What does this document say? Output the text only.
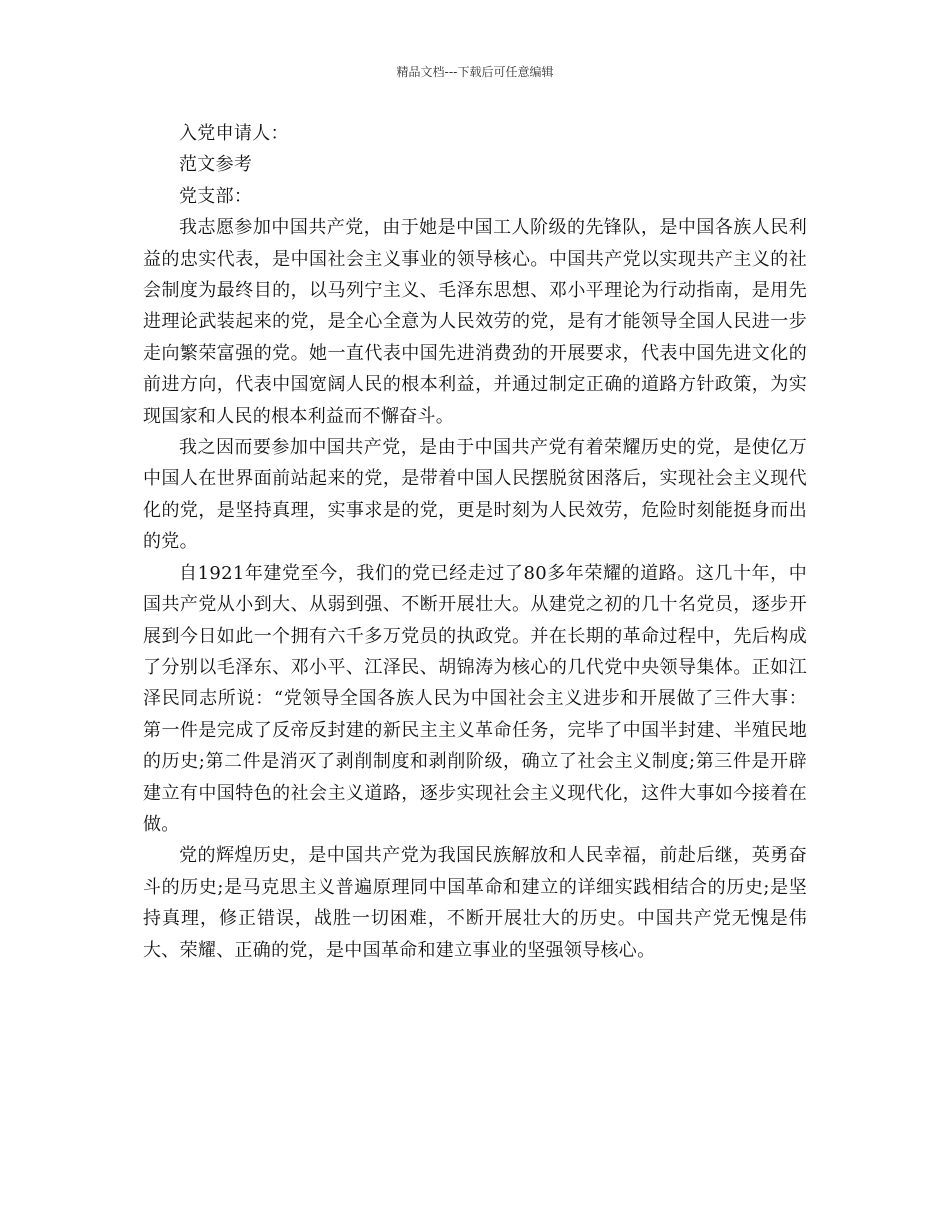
精品文档---下载后可任意编辑

入党申请人：

范文参考

党支部：

我志愿参加中国共产党，由于她是中国工人阶级的先锋队，是中国各族人民利益的忠实代表，是中国社会主义事业的领导核心。中国共产党以实现共产主义的社会制度为最终目的，以马列宁主义、毛泽东思想、邓小平理论为行动指南，是用先进理论武装起来的党，是全心全意为人民效劳的党，是有才能领导全国人民进一步走向繁荣富强的党。她一直代表中国先进消费劲的开展要求，代表中国先进文化的前进方向，代表中国宽阔人民的根本利益，并通过制定正确的道路方针政策，为实现国家和人民的根本利益而不懈奋斗。

我之因而要参加中国共产党，是由于中国共产党有着荣耀历史的党，是使亿万中国人在世界面前站起来的党，是带着中国人民摆脱贫困落后，实现社会主义现代化的党，是坚持真理，实事求是的党，更是时刻为人民效劳，危险时刻能挺身而出的党。

自1921年建党至今，我们的党已经走过了80多年荣耀的道路。这几十年，中国共产党从小到大、从弱到强、不断开展壮大。从建党之初的几十名党员，逐步开展到今日如此一个拥有六千多万党员的执政党。并在长期的革命过程中，先后构成了分别以毛泽东、邓小平、江泽民、胡锦涛为核心的几代党中央领导集体。正如江泽民同志所说：“党领导全国各族人民为中国社会主义进步和开展做了三件大事：第一件是完成了反帝反封建的新民主主义革命任务，完毕了中国半封建、半殖民地的历史;第二件是消灭了剥削制度和剥削阶级，确立了社会主义制度;第三件是开辟建立有中国特色的社会主义道路，逐步实现社会主义现代化，这件大事如今接着在做。

党的辉煌历史，是中国共产党为我国民族解放和人民幸福，前赴后继，英勇奋斗的历史;是马克思主义普遍原理同中国革命和建立的详细实践相结合的历史;是坚持真理，修正错误，战胜一切困难，不断开展壮大的历史。中国共产党无愧是伟大、荣耀、正确的党，是中国革命和建立事业的坚强领导核心。
